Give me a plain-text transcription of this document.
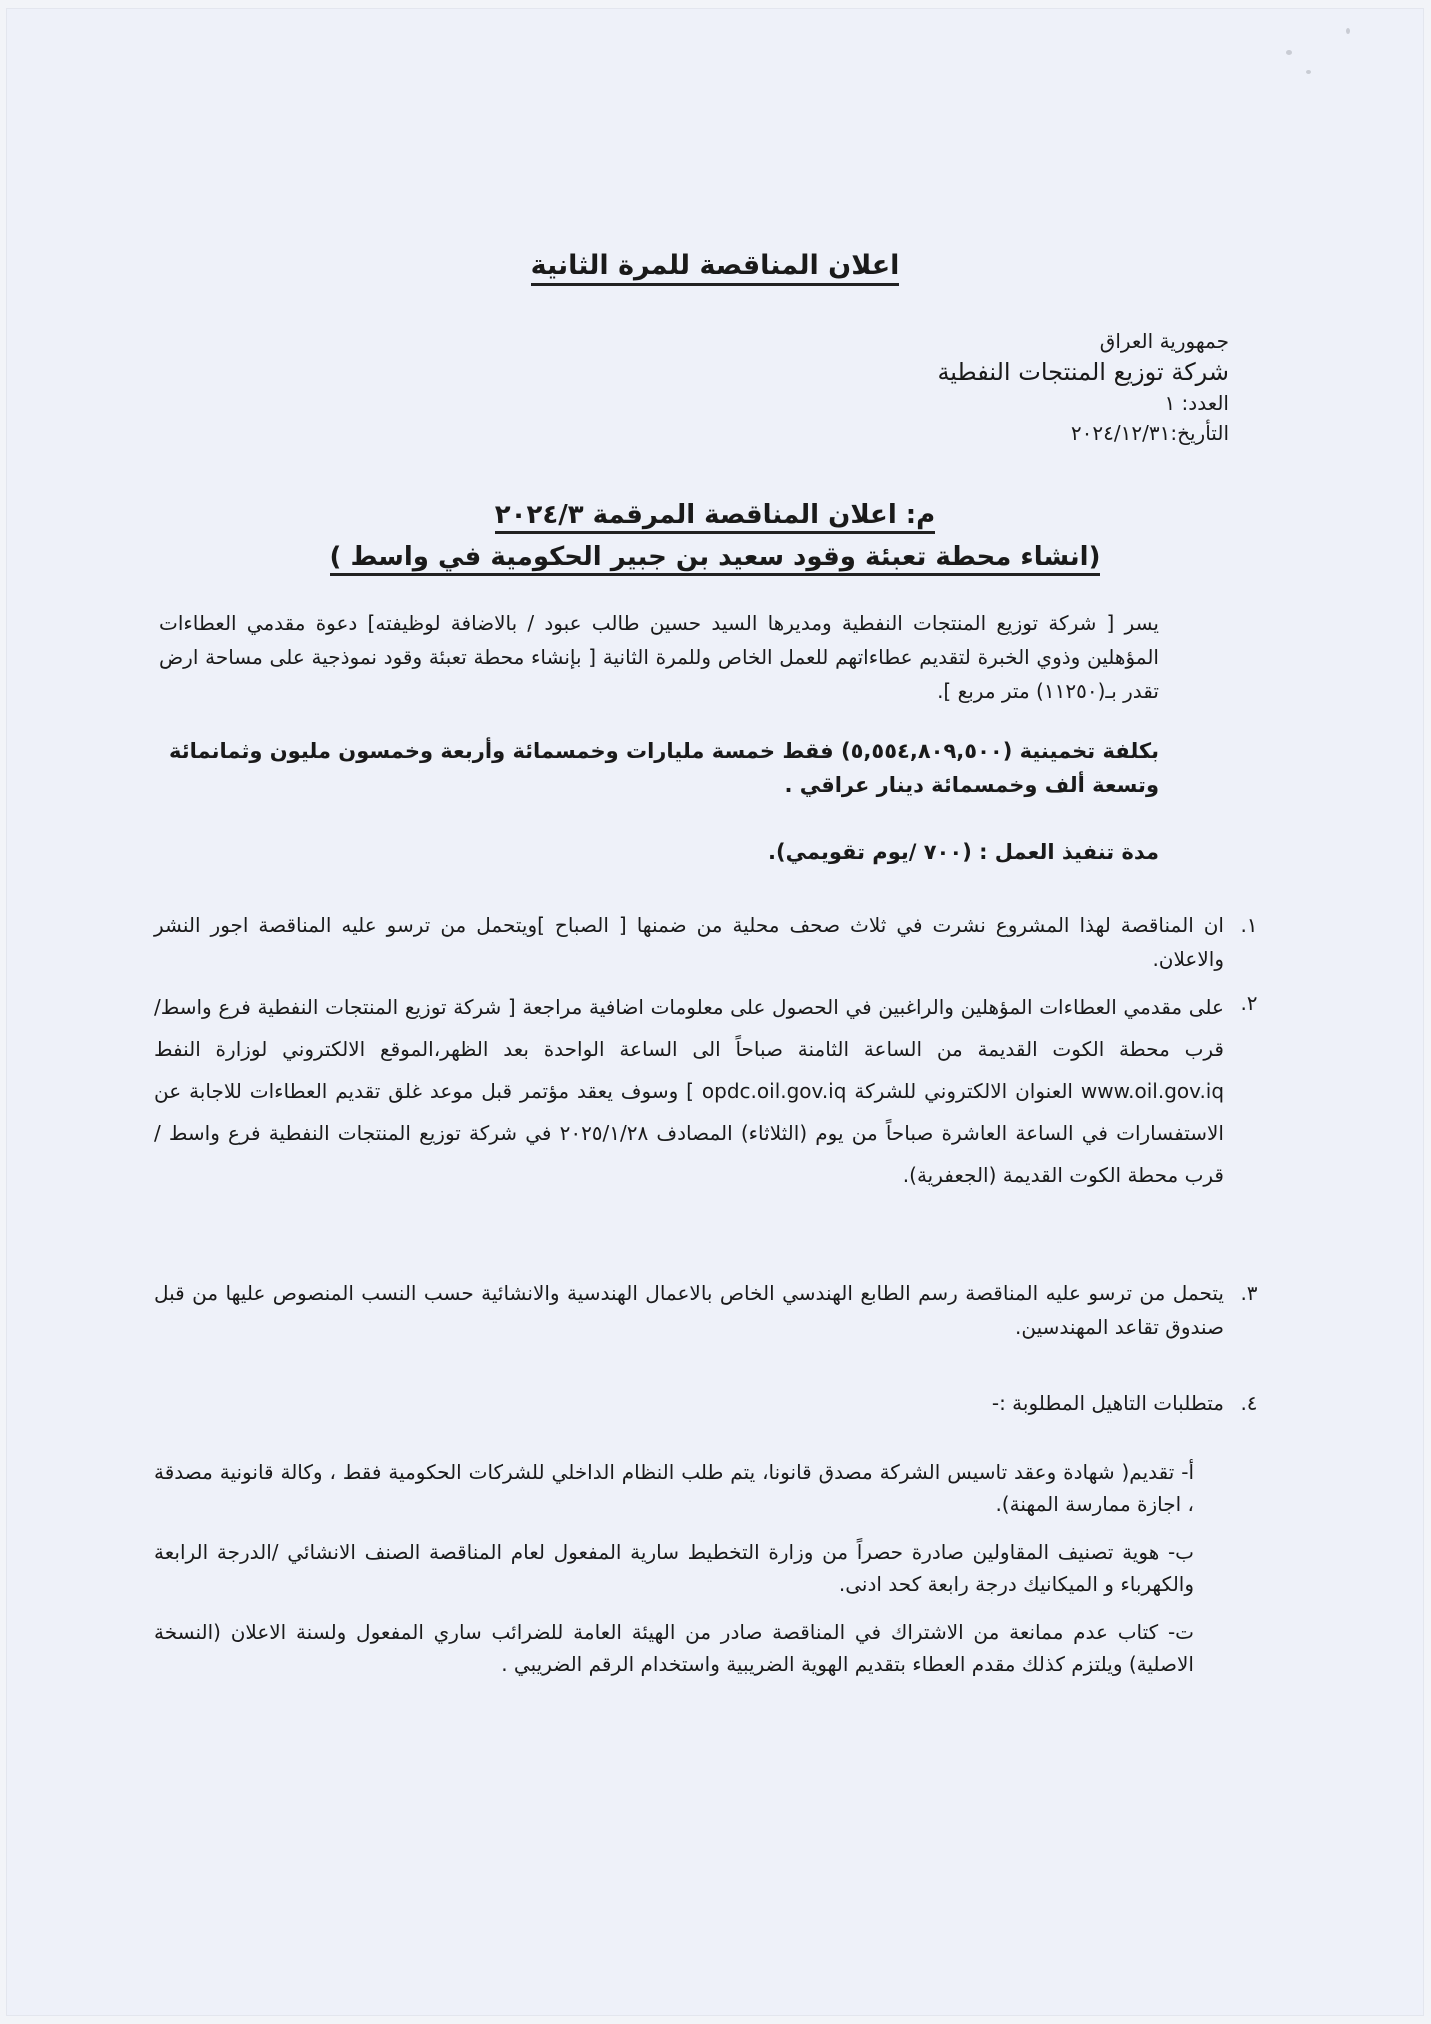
اعلان المناقصة للمرة الثانية
جمهورية العراق
شركة توزيع المنتجات النفطية
العدد: ١
التأريخ:٢٠٢٤/١٢/٣١
م: اعلان المناقصة المرقمة ٢٠٢٤/٣
(انشاء محطة تعبئة وقود سعيد بن جبير الحكومية في واسط )
يسر [ شركة توزيع المنتجات النفطية ومديرها السيد حسين طالب عبود / بالاضافة لوظيفته] دعوة مقدمي العطاءات المؤهلين وذوي الخبرة لتقديم عطاءاتهم للعمل الخاص وللمرة الثانية [ بإنشاء محطة تعبئة وقود نموذجية على مساحة ارض تقدر بـ(١١٢٥٠) متر مربع ].
بكلفة تخمينية (٥,٥٥٤,٨٠٩,٥٠٠) فقط خمسة مليارات وخمسمائة وأربعة وخمسون مليون وثمانمائة وتسعة ألف وخمسمائة دينار عراقي .
مدة تنفيذ العمل : (٧٠٠ /يوم تقويمي).
١.
ان المناقصة لهذا المشروع نشرت في ثلاث صحف محلية من ضمنها [ الصباح ]ويتحمل من ترسو عليه المناقصة اجور النشر والاعلان.
٢.
على مقدمي العطاءات المؤهلين والراغبين في الحصول على معلومات اضافية مراجعة [ شركة توزيع المنتجات النفطية فرع واسط/قرب محطة الكوت القديمة من الساعة الثامنة صباحاً الى الساعة الواحدة بعد الظهر،الموقع الالكتروني لوزارة النفط www.oil.gov.iq العنوان الالكتروني للشركة opdc.oil.gov.iq ] وسوف يعقد مؤتمر قبل موعد غلق تقديم العطاءات للاجابة عن الاستفسارات في الساعة العاشرة صباحاً من يوم (الثلاثاء) المصادف ٢٠٢٥/١/٢٨ في شركة توزيع المنتجات النفطية فرع واسط / قرب محطة الكوت القديمة (الجعفرية).
٣.
يتحمل من ترسو عليه المناقصة رسم الطابع الهندسي الخاص بالاعمال الهندسية والانشائية حسب النسب المنصوص عليها من قبل صندوق تقاعد المهندسين.
٤.
متطلبات التاهيل المطلوبة :-
أ- تقديم( شهادة وعقد تاسيس الشركة مصدق قانونا، يتم طلب النظام الداخلي للشركات الحكومية فقط ، وكالة قانونية مصدقة ، اجازة ممارسة المهنة).
ب- هوية تصنيف المقاولين صادرة حصراً من وزارة التخطيط سارية المفعول لعام المناقصة الصنف الانشائي /الدرجة الرابعة والكهرباء و الميكانيك درجة رابعة كحد ادنى.
ت- كتاب عدم ممانعة من الاشتراك في المناقصة صادر من الهيئة العامة للضرائب ساري المفعول ولسنة الاعلان (النسخة الاصلية) ويلتزم كذلك مقدم العطاء بتقديم الهوية الضريبية واستخدام الرقم الضريبي .
